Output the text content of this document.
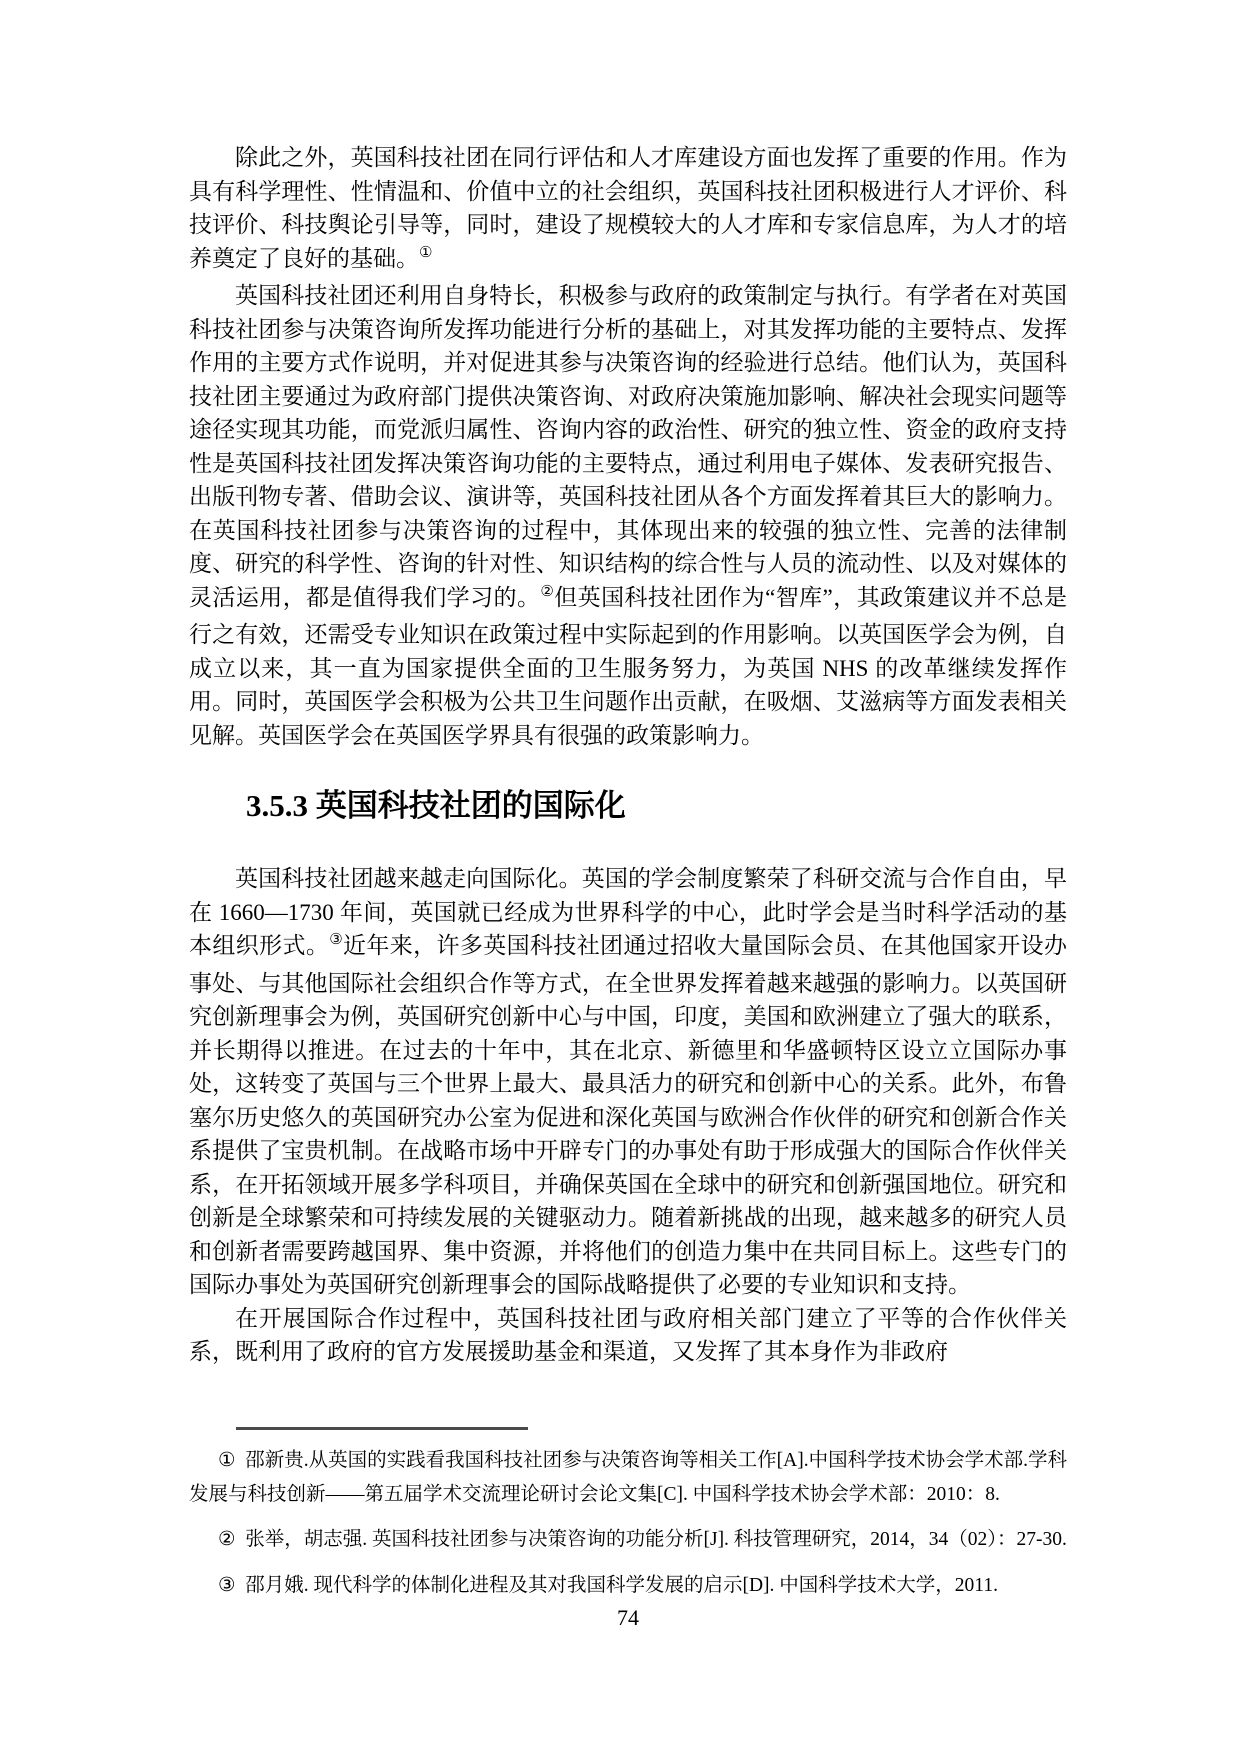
除此之外，英国科技社团在同行评估和人才库建设方面也发挥了重要的作用。作为具有科学理性、性情温和、价值中立的社会组织，英国科技社团积极进行人才评价、科技评价、科技舆论引导等，同时，建设了规模较大的人才库和专家信息库，为人才的培养奠定了良好的基础。①

英国科技社团还利用自身特长，积极参与政府的政策制定与执行。有学者在对英国科技社团参与决策咨询所发挥功能进行分析的基础上，对其发挥功能的主要特点、发挥作用的主要方式作说明，并对促进其参与决策咨询的经验进行总结。他们认为，英国科技社团主要通过为政府部门提供决策咨询、对政府决策施加影响、解决社会现实问题等途径实现其功能，而党派归属性、咨询内容的政治性、研究的独立性、资金的政府支持性是英国科技社团发挥决策咨询功能的主要特点，通过利用电子媒体、发表研究报告、出版刊物专著、借助会议、演讲等，英国科技社团从各个方面发挥着其巨大的影响力。在英国科技社团参与决策咨询的过程中，其体现出来的较强的独立性、完善的法律制度、研究的科学性、咨询的针对性、知识结构的综合性与人员的流动性、以及对媒体的灵活运用，都是值得我们学习的。②但英国科技社团作为“智库”，其政策建议并不总是行之有效，还需受专业知识在政策过程中实际起到的作用影响。以英国医学会为例，自成立以来，其一直为国家提供全面的卫生服务努力，为英国 NHS 的改革继续发挥作用。同时，英国医学会积极为公共卫生问题作出贡献，在吸烟、艾滋病等方面发表相关见解。英国医学会在英国医学界具有很强的政策影响力。

3.5.3 英国科技社团的国际化

英国科技社团越来越走向国际化。英国的学会制度繁荣了科研交流与合作自由，早在 1660—1730 年间，英国就已经成为世界科学的中心，此时学会是当时科学活动的基本组织形式。③近年来，许多英国科技社团通过招收大量国际会员、在其他国家开设办事处、与其他国际社会组织合作等方式，在全世界发挥着越来越强的影响力。以英国研究创新理事会为例，英国研究创新中心与中国，印度，美国和欧洲建立了强大的联系，并长期得以推进。在过去的十年中，其在北京、新德里和华盛顿特区设立立国际办事处，这转变了英国与三个世界上最大、最具活力的研究和创新中心的关系。此外，布鲁塞尔历史悠久的英国研究办公室为促进和深化英国与欧洲合作伙伴的研究和创新合作关系提供了宝贵机制。在战略市场中开辟专门的办事处有助于形成强大的国际合作伙伴关系，在开拓领域开展多学科项目，并确保英国在全球中的研究和创新强国地位。研究和创新是全球繁荣和可持续发展的关键驱动力。随着新挑战的出现，越来越多的研究人员和创新者需要跨越国界、集中资源，并将他们的创造力集中在共同目标上。这些专门的国际办事处为英国研究创新理事会的国际战略提供了必要的专业知识和支持。

在开展国际合作过程中，英国科技社团与政府相关部门建立了平等的合作伙伴关系，既利用了政府的官方发展援助基金和渠道，又发挥了其本身作为非政府

① 邵新贵.从英国的实践看我国科技社团参与决策咨询等相关工作[A].中国科学技术协会学术部.学科发展与科技创新——第五届学术交流理论研讨会论文集[C]. 中国科学技术协会学术部：2010：8.

② 张举，胡志强. 英国科技社团参与决策咨询的功能分析[J]. 科技管理研究，2014，34（02）：27-30.

③ 邵月娥. 现代科学的体制化进程及其对我国科学发展的启示[D]. 中国科学技术大学，2011.

74
